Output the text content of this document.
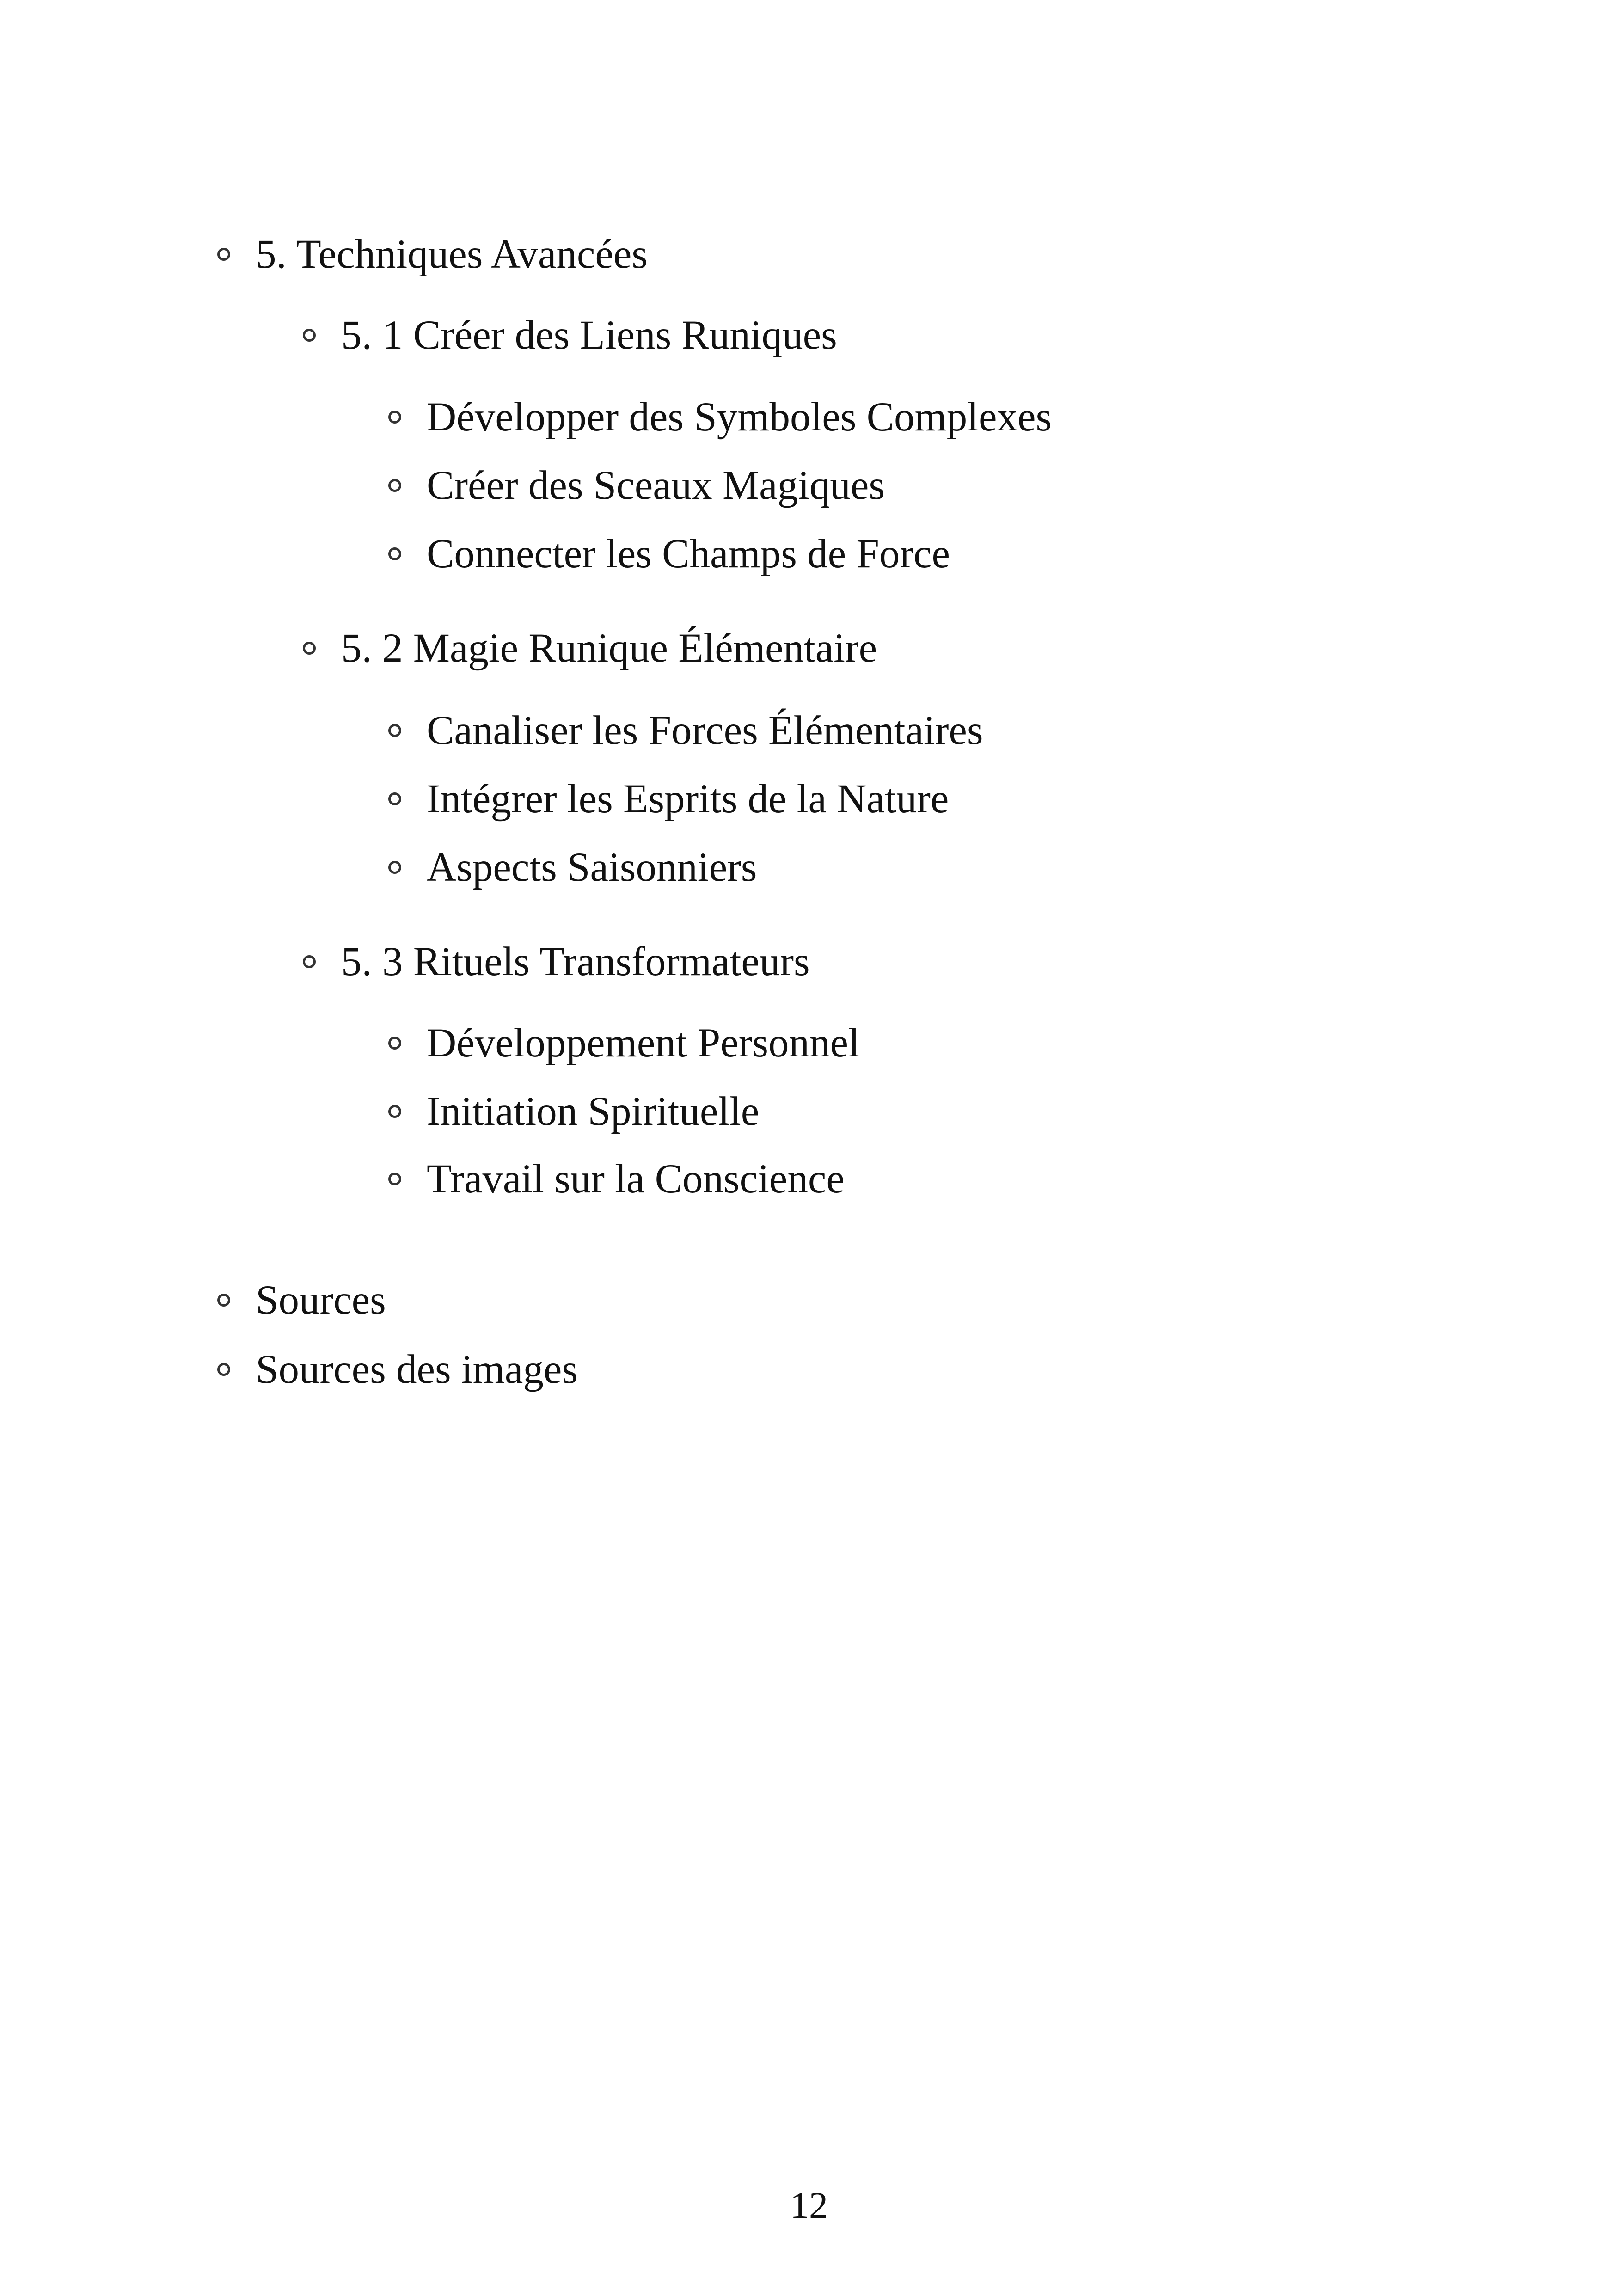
5. Techniques Avancées
5. 1 Créer des Liens Runiques
Développer des Symboles Complexes
Créer des Sceaux Magiques
Connecter les Champs de Force
5. 2 Magie Runique Élémentaire
Canaliser les Forces Élémentaires
Intégrer les Esprits de la Nature
Aspects Saisonniers
5. 3 Rituels Transformateurs
Développement Personnel
Initiation Spirituelle
Travail sur la Conscience
Sources
Sources des images
12
